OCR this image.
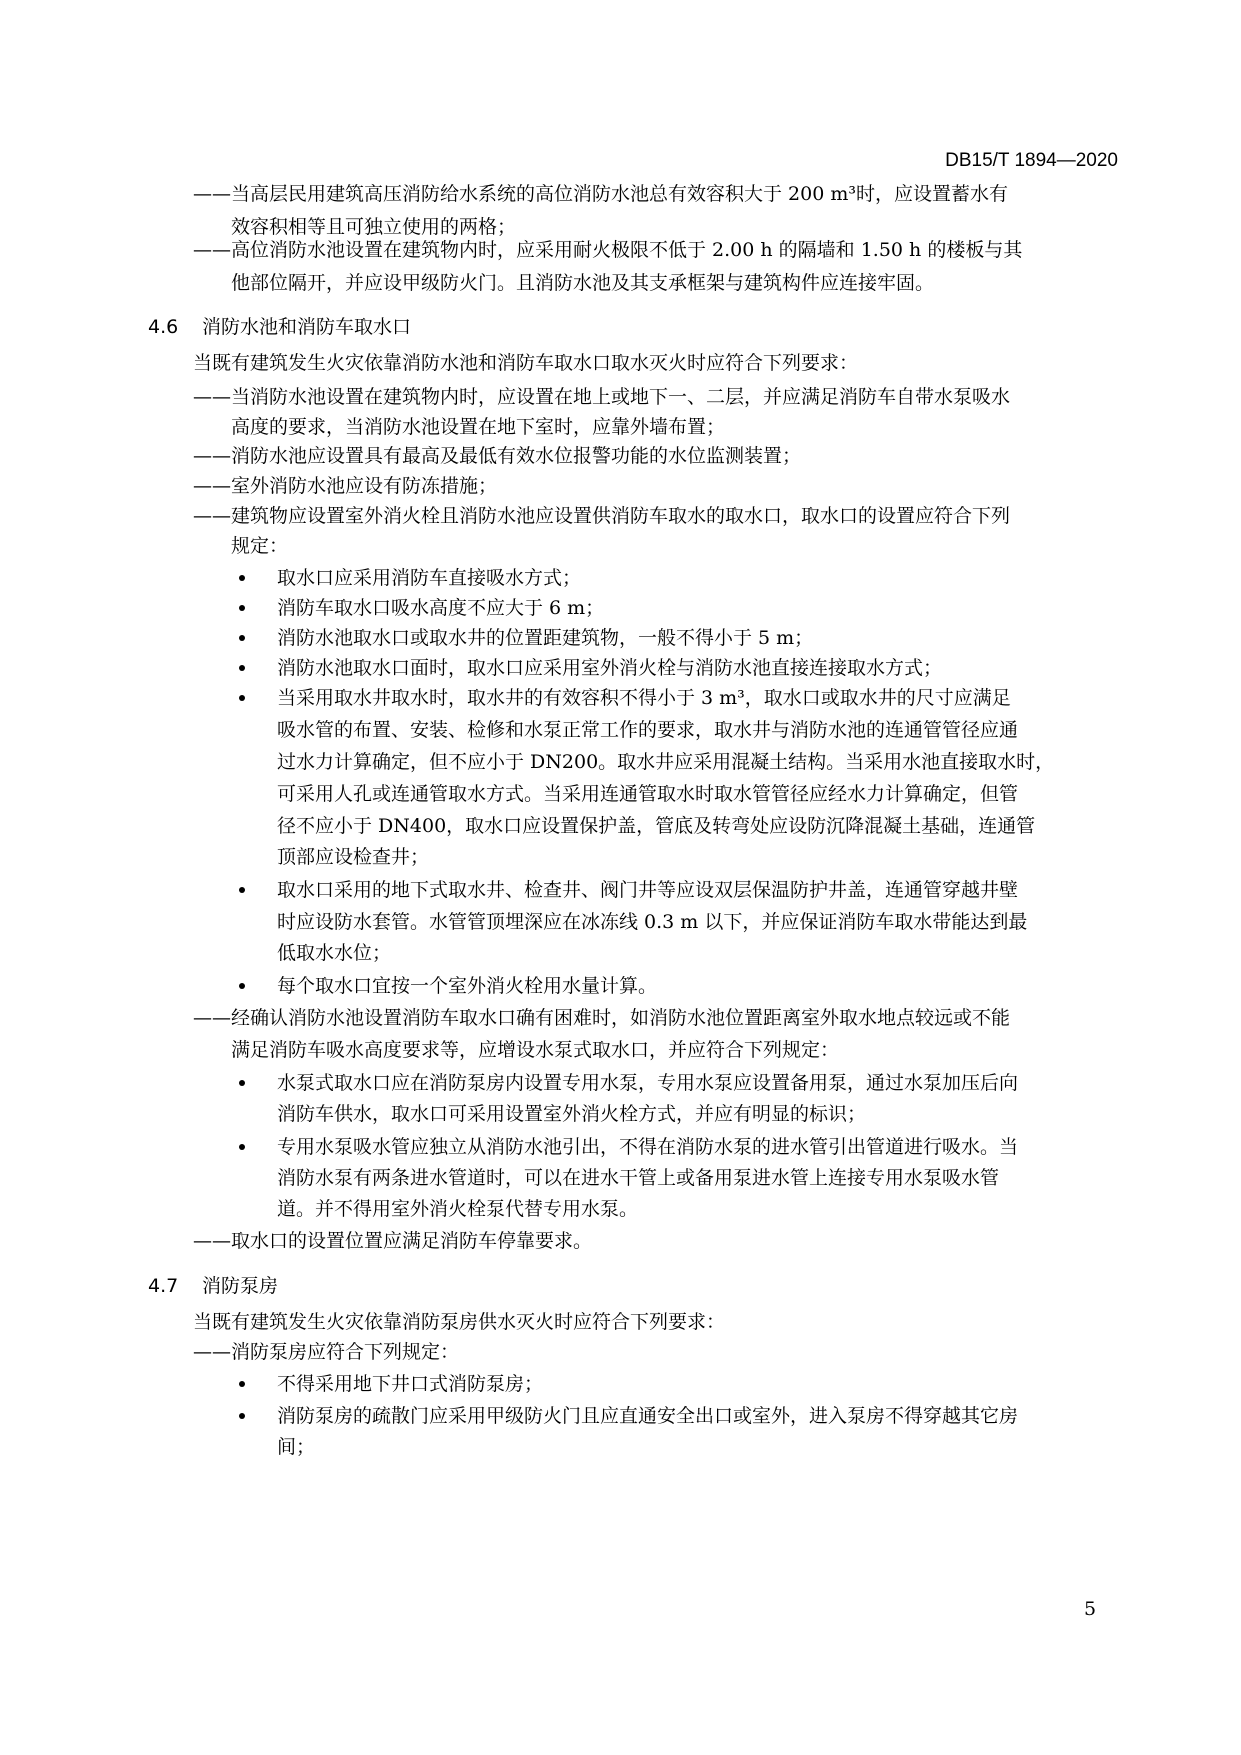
DB15/T 1894—2020
——当高层民用建筑高压消防给水系统的高位消防水池总有效容积大于 200 m³时，应设置蓄水有
效容积相等且可独立使用的两格；
——高位消防水池设置在建筑物内时，应采用耐火极限不低于 2.00 h 的隔墙和 1.50 h 的楼板与其
他部位隔开，并应设甲级防火门。且消防水池及其支承框架与建筑构件应连接牢固。
4.6 消防水池和消防车取水口
当既有建筑发生火灾依靠消防水池和消防车取水口取水灭火时应符合下列要求：
——当消防水池设置在建筑物内时，应设置在地上或地下一、二层，并应满足消防车自带水泵吸水
高度的要求，当消防水池设置在地下室时，应靠外墙布置；
——消防水池应设置具有最高及最低有效水位报警功能的水位监测装置；
——室外消防水池应设有防冻措施；
——建筑物应设置室外消火栓且消防水池应设置供消防车取水的取水口，取水口的设置应符合下列
规定：
取水口应采用消防车直接吸水方式；
消防车取水口吸水高度不应大于 6 m；
消防水池取水口或取水井的位置距建筑物，一般不得小于 5 m；
消防水池取水口面时，取水口应采用室外消火栓与消防水池直接连接取水方式；
当采用取水井取水时，取水井的有效容积不得小于 3 m³，取水口或取水井的尺寸应满足
吸水管的布置、安装、检修和水泵正常工作的要求，取水井与消防水池的连通管管径应通
过水力计算确定，但不应小于 DN200。取水井应采用混凝土结构。当采用水池直接取水时，
可采用人孔或连通管取水方式。当采用连通管取水时取水管管径应经水力计算确定，但管
径不应小于 DN400，取水口应设置保护盖，管底及转弯处应设防沉降混凝土基础，连通管
顶部应设检查井；
取水口采用的地下式取水井、检查井、阀门井等应设双层保温防护井盖，连通管穿越井壁
时应设防水套管。水管管顶埋深应在冰冻线 0.3 m 以下，并应保证消防车取水带能达到最
低取水水位；
每个取水口宜按一个室外消火栓用水量计算。
——经确认消防水池设置消防车取水口确有困难时，如消防水池位置距离室外取水地点较远或不能
满足消防车吸水高度要求等，应增设水泵式取水口，并应符合下列规定：
水泵式取水口应在消防泵房内设置专用水泵，专用水泵应设置备用泵，通过水泵加压后向
消防车供水，取水口可采用设置室外消火栓方式，并应有明显的标识；
专用水泵吸水管应独立从消防水池引出，不得在消防水泵的进水管引出管道进行吸水。当
消防水泵有两条进水管道时，可以在进水干管上或备用泵进水管上连接专用水泵吸水管
道。并不得用室外消火栓泵代替专用水泵。
——取水口的设置位置应满足消防车停靠要求。
4.7 消防泵房
当既有建筑发生火灾依靠消防泵房供水灭火时应符合下列要求：
——消防泵房应符合下列规定：
不得采用地下井口式消防泵房；
消防泵房的疏散门应采用甲级防火门且应直通安全出口或室外，进入泵房不得穿越其它房
间；
5
